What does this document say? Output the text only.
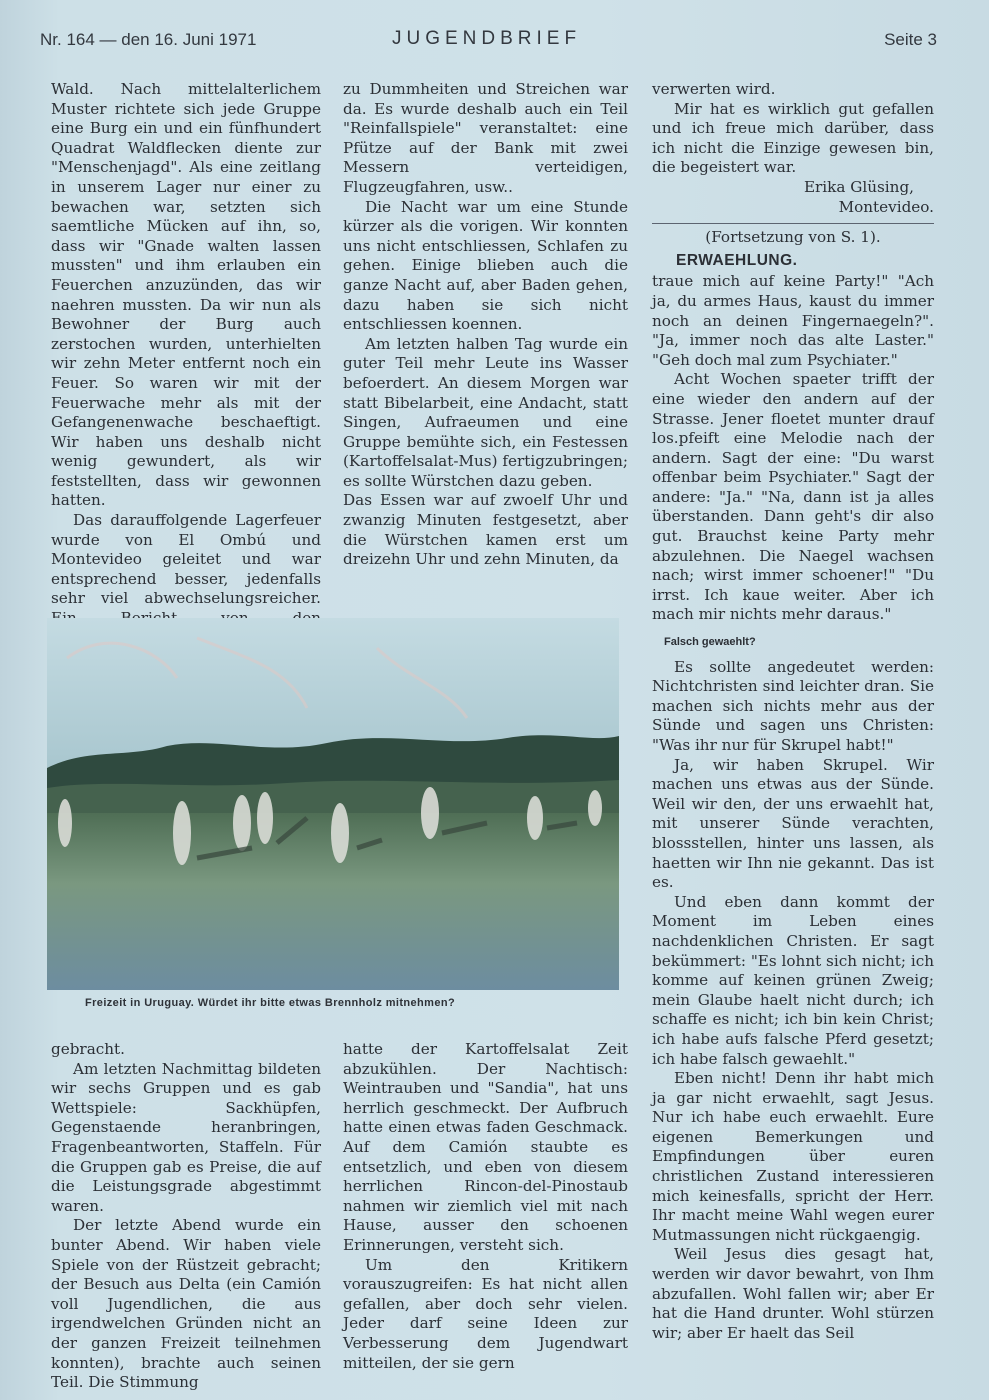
Nr. 164 — den 16. Juni 1971	JUGENDBRIEF	Seite 3

Wald. Nach mittelalterlichem Muster richtete sich jede Gruppe eine Burg ein und ein fünfhundert Quadrat Waldflecken diente zur "Menschenjagd". Als eine zeitlang in unserem Lager nur einer zu bewachen war, setzten sich saemtliche Mücken auf ihn, so, dass wir "Gnade walten lassen mussten" und ihm erlauben ein Feuerchen anzuzünden, das wir naehren mussten. Da wir nun als Bewohner der Burg auch zerstochen wurden, unterhielten wir zehn Meter entfernt noch ein Feuer. So waren wir mit der Feuerwache mehr als mit der Gefangenenwache beschaeftigt. Wir haben uns deshalb nicht wenig gewundert, als wir feststellten, dass wir gewonnen hatten.

Das darauffolgende Lagerfeuer wurde von El Ombú und Montevideo geleitet und war entsprechend besser, jedenfalls sehr viel abwechselungsreicher.

zu Dummheiten und Streichen war da. Es wurde deshalb auch ein Teil "Reinfallspiele" veranstaltet: eine Pfütze auf der Bank mit zwei Messern verteidigen, Flugzeugfahren, usw..

Die Nacht war um eine Stunde kürzer als die vorigen. Wir konnten uns nicht entschliessen, Schlafen zu gehen. Einige blieben auch die ganze Nacht auf, aber Baden gehen, dazu haben sie sich nicht entschliessen koennen.

Am letzten halben Tag wurde ein guter Teil mehr Leute ins Wasser befoerdert. An diesem Morgen war statt Bibelarbeit, eine Andacht, statt Singen, Aufraeumen und eine Gruppe bemühte sich, ein Festessen (Kartoffelsalat-Mus) fertigzubringen; es sollte Würstchen dazu geben.

Das Essen war auf zwoelf Uhr und zwanzig Minuten festgesetzt, aber die Würstchen kamen erst um dreizehn Uhr und zehn Minuten, da

verwerten wird.

Mir hat es wirklich gut gefallen und ich freue mich darüber, dass ich nicht die Einzige gewesen bin, die begeistert war.

Erika Glüsing,

Montevideo.

(Fortsetzung von S. 1).

ERWAEHLUNG.

traue mich auf keine Party!" "Ach ja, du armes Haus, kaust du immer noch an deinen Fingernaegeln?". "Ja, immer noch das alte Laster." "Geh doch mal zum Psychiater."

Acht Wochen spaeter trifft der eine wieder den andern auf der Strasse. Jener floetet munter drauf los.pfeift eine Melodie nach der andern. Sagt der eine: "Du warst offenbar beim Psychiater." Sagt der andere: "Ja." "Na, dann ist ja alles überstanden. Dann geht's dir also gut. Brauchst keine Party mehr abzulehnen. Die Naegel wachsen nach; wirst immer schoener!" "Du irrst. Ich kaue weiter. Aber ich mach mir nichts mehr daraus."

Falsch gewaehlt?

Es sollte angedeutet werden: Nichtchristen sind leichter dran. Sie machen sich nichts mehr aus der Sünde und sagen uns Christen: "Was ihr nur für Skrupel habt!"

Ja, wir haben Skrupel. Wir machen uns etwas aus der Sünde. Weil wir den, der uns erwaehlt hat, mit unserer Sünde verachten, blossstellen, hinter uns lassen, als haetten wir Ihn nie gekannt. Das ist es.

Und eben dann kommt der Moment im Leben eines nachdenklichen Christen. Er sagt bekümmert: "Es lohnt sich nicht; ich komme auf keinen grünen Zweig; mein Glaube haelt nicht durch; ich schaffe es nicht; ich bin kein Christ; ich habe aufs falsche Pferd gesetzt; ich habe falsch gewaehlt."

Eben nicht! Denn ihr habt mich ja gar nicht erwaehlt, sagt Jesus. Nur ich habe euch erwaehlt. Eure eigenen Bemerkungen und Empfindungen über euren christlichen Zustand interessieren mich keinesfalls, spricht der Herr. Ihr macht meine Wahl wegen eurer Mutmassungen nicht rückgaengig.

Weil Jesus dies gesagt hat, werden wir davor bewahrt, von Ihm abzufallen. Wohl fallen wir; aber Er hat die Hand drunter. Wohl stürzen wir; aber Er haelt das Seil

Freizeit in Uruguay. Würdet ihr bitte etwas Brennholz mitnehmen?

gebracht.

Am letzten Nachmittag bildeten wir sechs Gruppen und es gab Wettspiele: Sackhüpfen, Gegenstaende heranbringen, Fragenbeantworten, Staffeln. Für die Gruppen gab es Preise, die auf die Leistungsgrade abgestimmt waren.

Der letzte Abend wurde ein bunter Abend. Wir haben viele Spiele von der Rüstzeit gebracht; der Besuch aus Delta (ein Camión voll Jugendlichen, die aus irgendwelchen Gründen nicht an der ganzen Freizeit teilnehmen konnten), brachte auch seinen Teil. Die Stimmung

hatte der Kartoffelsalat Zeit abzukühlen. Der Nachtisch: Weintrauben und "Sandia", hat uns herrlich geschmeckt. Der Aufbruch hatte einen etwas faden Geschmack. Auf dem Camión staubte es entsetzlich, und eben von diesem herrlichen Rincon-del-Pinostaub nahmen wir ziemlich viel mit nach Hause, ausser den schoenen Erinnerungen, versteht sich.

Um den Kritikern vorauszugreifen: Es hat nicht allen gefallen, aber doch sehr vielen. Jeder darf seine Ideen zur Verbesserung dem Jugendwart mitteilen, der sie gern
